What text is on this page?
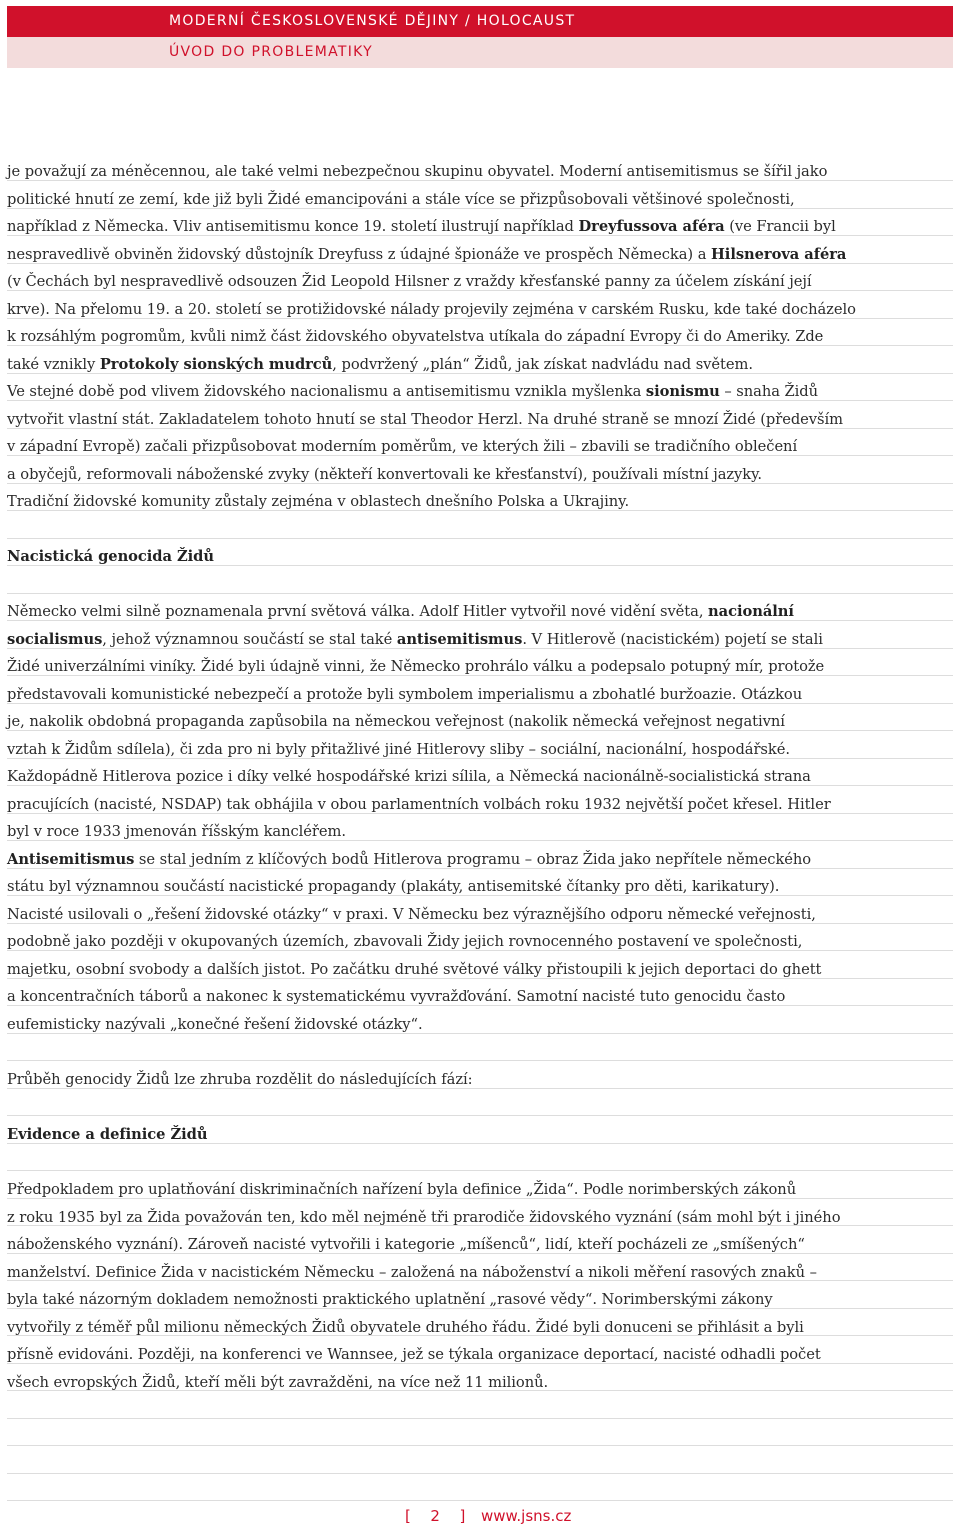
MODERNÍ ČESKOSLOVENSKÉ DĚJINY / HOLOCAUST
ÚVOD DO PROBLEMATIKY
je považují za méněcennou, ale také velmi nebezpečnou skupinu obyvatel. Moderní antisemitismus se šířil jako
politické hnutí ze zemí, kde již byli Židé emancipováni a stále více se přizpůsobovali většinové společnosti,
například z Německa. Vliv antisemitismu konce 19. století ilustrují například Dreyfussova aféra (ve Francii byl
nespravedlivě obviněn židovský důstojník Dreyfuss z údajné špionáže ve prospěch Německa) a Hilsnerova aféra
(v Čechách byl nespravedlivě odsouzen Žid Leopold Hilsner z vraždy křesťanské panny za účelem získání její
krve). Na přelomu 19. a 20. století se protižidovské nálady projevily zejména v carském Rusku, kde také docházelo
k rozsáhlým pogromům, kvůli nimž část židovského obyvatelstva utíkala do západní Evropy či do Ameriky. Zde
také vznikly Protokoly sionských mudrců, podvržený „plán“ Židů, jak získat nadvládu nad světem.
Ve stejné době pod vlivem židovského nacionalismu a antisemitismu vznikla myšlenka sionismu – snaha Židů
vytvořit vlastní stát. Zakladatelem tohoto hnutí se stal Theodor Herzl. Na druhé straně se mnozí Židé (především
v západní Evropě) začali přizpůsobovat moderním poměrům, ve kterých žili – zbavili se tradičního oblečení
a obyčejů, reformovali náboženské zvyky (někteří konvertovali ke křesťanství), používali místní jazyky.
Tradiční židovské komunity zůstaly zejména v oblastech dnešního Polska a Ukrajiny.
Nacistická genocida Židů
Německo velmi silně poznamenala první světová válka. Adolf Hitler vytvořil nové vidění světa, nacionální
socialismus, jehož významnou součástí se stal také antisemitismus. V Hitlerově (nacistickém) pojetí se stali
Židé univerzálními viníky. Židé byli údajně vinni, že Německo prohrálo válku a podepsalo potupný mír, protože
představovali komunistické nebezpečí a protože byli symbolem imperialismu a zbohatlé buržoazie. Otázkou
je, nakolik obdobná propaganda zapůsobila na německou veřejnost (nakolik německá veřejnost negativní
vztah k Židům sdílela), či zda pro ni byly přitažlivé jiné Hitlerovy sliby – sociální, nacionální, hospodářské.
Každopádně Hitlerova pozice i díky velké hospodářské krizi sílila, a Německá nacionálně-socialistická strana
pracujících (nacisté, NSDAP) tak obhájila v obou parlamentních volbách roku 1932 největší počet křesel. Hitler
byl v roce 1933 jmenován říšským kancléřem.
Antisemitismus se stal jedním z klíčových bodů Hitlerova programu – obraz Žida jako nepřítele německého
státu byl významnou součástí nacistické propagandy (plakáty, antisemitské čítanky pro děti, karikatury).
Nacisté usilovali o „řešení židovské otázky“ v praxi. V Německu bez výraznějšího odporu německé veřejnosti,
podobně jako později v okupovaných územích, zbavovali Židy jejich rovnocenného postavení ve společnosti,
majetku, osobní svobody a dalších jistot. Po začátku druhé světové války přistoupili k jejich deportaci do ghett
a koncentračních táborů a nakonec k systematickému vyvražďování. Samotní nacisté tuto genocidu často
eufemisticky nazývali „konečné řešení židovské otázky“.
Průběh genocidy Židů lze zhruba rozdělit do následujících fází:
Evidence a definice Židů
Předpokladem pro uplatňování diskriminačních nařízení byla definice „Žida“. Podle norimberských zákonů
z roku 1935 byl za Žida považován ten, kdo měl nejméně tři prarodiče židovského vyznání (sám mohl být i jiného
náboženského vyznání). Zároveň nacisté vytvořili i kategorie „míšenců“, lidí, kteří pocházeli ze „smíšených“
manželství. Definice Žida v nacistickém Německu – založená na náboženství a nikoli měření rasových znaků –
byla také názorným dokladem nemožnosti praktického uplatnění „rasové vědy“. Norimberskými zákony
vytvořily z téměř půl milionu německých Židů obyvatele druhého řádu. Židé byli donuceni se přihlásit a byli
přísně evidováni. Později, na konferenci ve Wannsee, jež se týkala organizace deportací, nacisté odhadli počet
všech evropských Židů, kteří měli být zavražděni, na více než 11 milionů.
[ 2 ] www.jsns.cz
